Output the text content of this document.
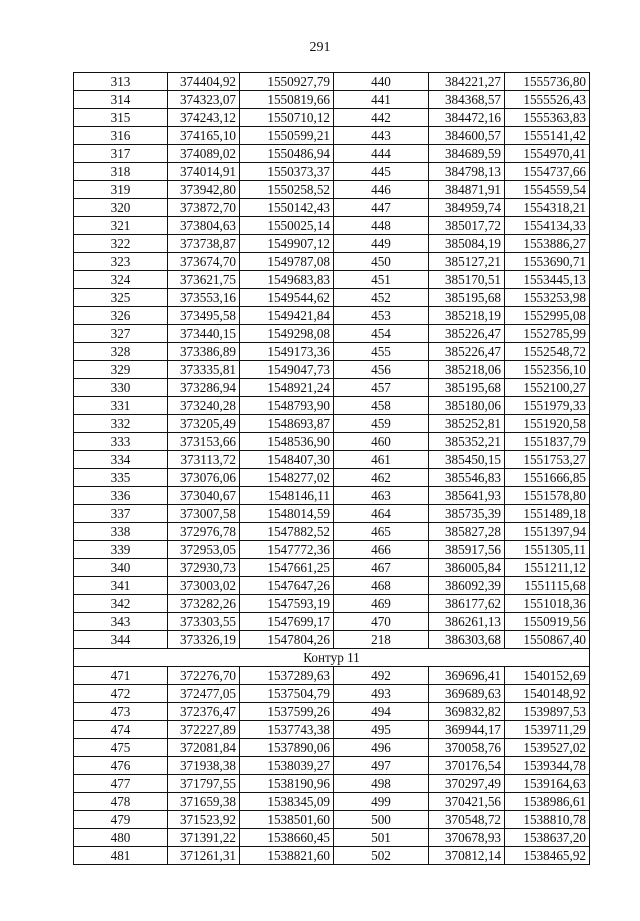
291
313	374404,92	1550927,79	440	384221,27	1555736,80
314	374323,07	1550819,66	441	384368,57	1555526,43
315	374243,12	1550710,12	442	384472,16	1555363,83
316	374165,10	1550599,21	443	384600,57	1555141,42
317	374089,02	1550486,94	444	384689,59	1554970,41
318	374014,91	1550373,37	445	384798,13	1554737,66
319	373942,80	1550258,52	446	384871,91	1554559,54
320	373872,70	1550142,43	447	384959,74	1554318,21
321	373804,63	1550025,14	448	385017,72	1554134,33
322	373738,87	1549907,12	449	385084,19	1553886,27
323	373674,70	1549787,08	450	385127,21	1553690,71
324	373621,75	1549683,83	451	385170,51	1553445,13
325	373553,16	1549544,62	452	385195,68	1553253,98
326	373495,58	1549421,84	453	385218,19	1552995,08
327	373440,15	1549298,08	454	385226,47	1552785,99
328	373386,89	1549173,36	455	385226,47	1552548,72
329	373335,81	1549047,73	456	385218,06	1552356,10
330	373286,94	1548921,24	457	385195,68	1552100,27
331	373240,28	1548793,90	458	385180,06	1551979,33
332	373205,49	1548693,87	459	385252,81	1551920,58
333	373153,66	1548536,90	460	385352,21	1551837,79
334	373113,72	1548407,30	461	385450,15	1551753,27
335	373076,06	1548277,02	462	385546,83	1551666,85
336	373040,67	1548146,11	463	385641,93	1551578,80
337	373007,58	1548014,59	464	385735,39	1551489,18
338	372976,78	1547882,52	465	385827,28	1551397,94
339	372953,05	1547772,36	466	385917,56	1551305,11
340	372930,73	1547661,25	467	386005,84	1551211,12
341	373003,02	1547647,26	468	386092,39	1551115,68
342	373282,26	1547593,19	469	386177,62	1551018,36
343	373303,55	1547699,17	470	386261,13	1550919,56
344	373326,19	1547804,26	218	386303,68	1550867,40
Контур 11					
471	372276,70	1537289,63	492	369696,41	1540152,69
472	372477,05	1537504,79	493	369689,63	1540148,92
473	372376,47	1537599,26	494	369832,82	1539897,53
474	372227,89	1537743,38	495	369944,17	1539711,29
475	372081,84	1537890,06	496	370058,76	1539527,02
476	371938,38	1538039,27	497	370176,54	1539344,78
477	371797,55	1538190,96	498	370297,49	1539164,63
478	371659,38	1538345,09	499	370421,56	1538986,61
479	371523,92	1538501,60	500	370548,72	1538810,78
480	371391,22	1538660,45	501	370678,93	1538637,20
481	371261,31	1538821,60	502	370812,14	1538465,92
